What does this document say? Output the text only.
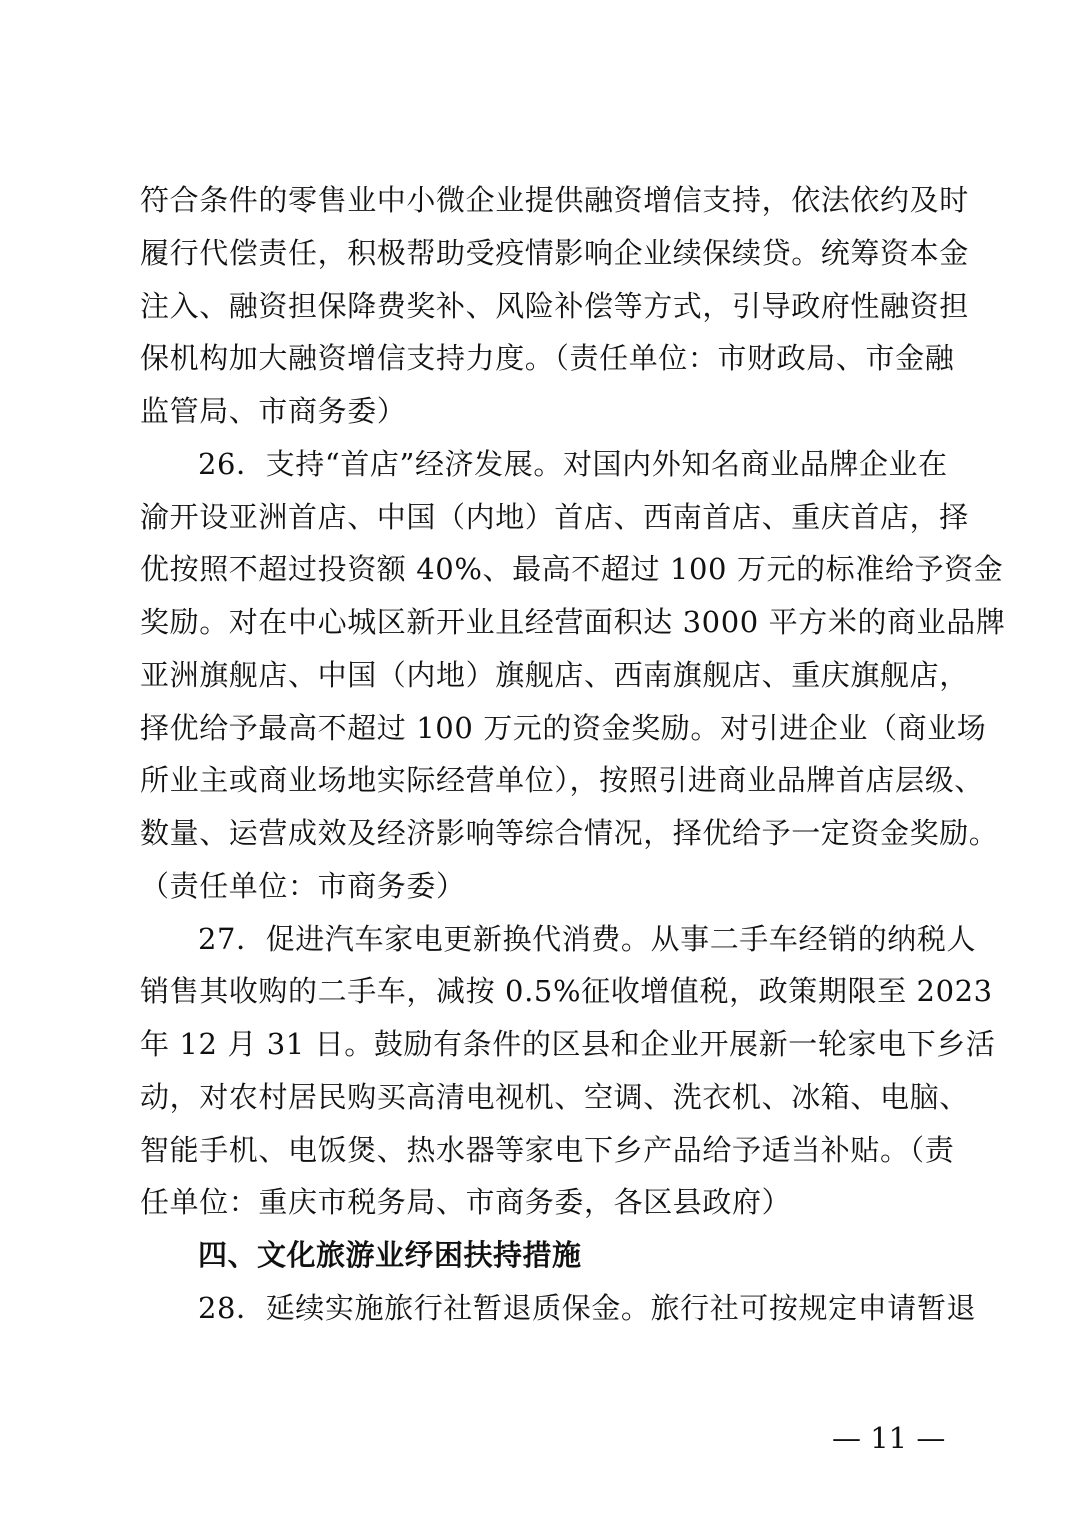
符合条件的零售业中小微企业提供融资增信支持，依法依约及时
履行代偿责任，积极帮助受疫情影响企业续保续贷。统筹资本金
注入、融资担保降费奖补、风险补偿等方式，引导政府性融资担
保机构加大融资增信支持力度。（责任单位：市财政局、市金融
监管局、市商务委）
26．支持“首店”经济发展。对国内外知名商业品牌企业在
渝开设亚洲首店、中国（内地）首店、西南首店、重庆首店，择
优按照不超过投资额 40%、最高不超过 100 万元的标准给予资金
奖励。对在中心城区新开业且经营面积达 3000 平方米的商业品牌
亚洲旗舰店、中国（内地）旗舰店、西南旗舰店、重庆旗舰店，
择优给予最高不超过 100 万元的资金奖励。对引进企业（商业场
所业主或商业场地实际经营单位），按照引进商业品牌首店层级、
数量、运营成效及经济影响等综合情况，择优给予一定资金奖励。
（责任单位：市商务委）
27．促进汽车家电更新换代消费。从事二手车经销的纳税人
销售其收购的二手车，减按 0.5%征收增值税，政策期限至 2023
年 12 月 31 日。鼓励有条件的区县和企业开展新一轮家电下乡活
动，对农村居民购买高清电视机、空调、洗衣机、冰箱、电脑、
智能手机、电饭煲、热水器等家电下乡产品给予适当补贴。（责
任单位：重庆市税务局、市商务委，各区县政府）
四、文化旅游业纾困扶持措施
28．延续实施旅行社暂退质保金。旅行社可按规定申请暂退
— 11 —
